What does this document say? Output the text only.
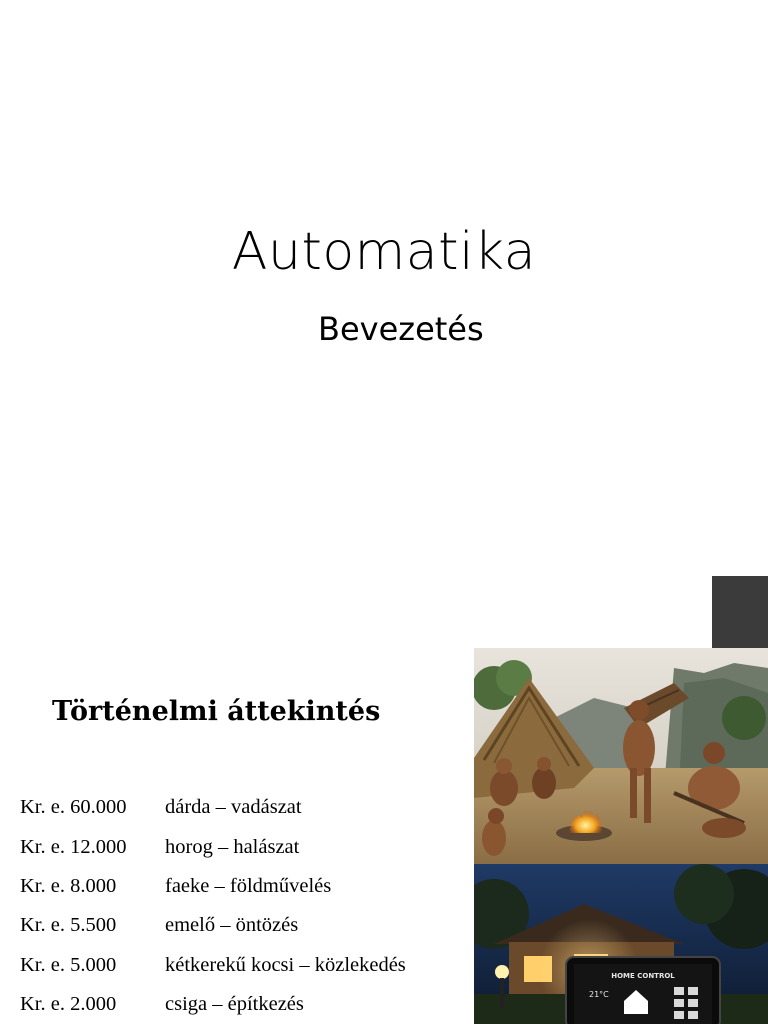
Automatika
Bevezetés
Történelmi áttekintés
Kr. e. 60.000	dárda – vadászat
Kr. e. 12.000	horog – halászat
Kr. e. 8.000	faeke – földművelés
Kr. e. 5.500	emelő – öntözés
Kr. e. 5.000	kétkerekű kocsi – közlekedés
Kr. e. 2.000	csiga – építkezés
HOME CONTROL
21°C
